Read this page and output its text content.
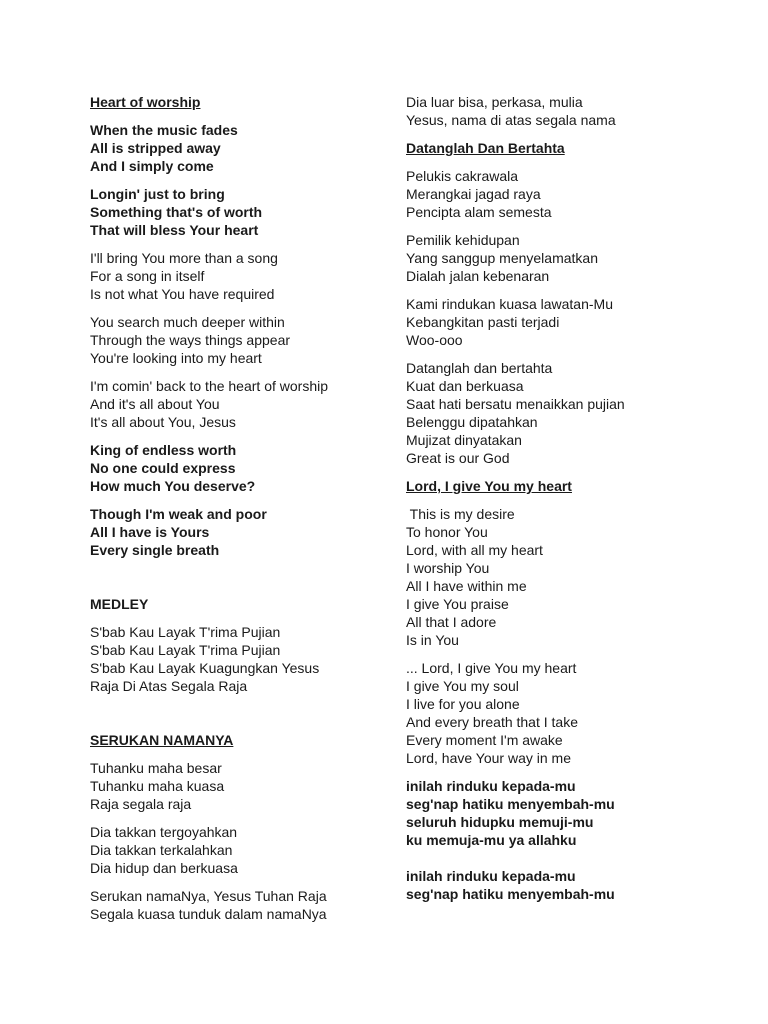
Heart of worship
When the music fades
All is stripped away
And I simply come
Longin' just to bring
Something that's of worth
That will bless Your heart
I'll bring You more than a song
For a song in itself
Is not what You have required
You search much deeper within
Through the ways things appear
You're looking into my heart
I'm comin' back to the heart of worship
And it's all about You
It's all about You, Jesus
King of endless worth
No one could express
How much You deserve?
Though I'm weak and poor
All I have is Yours
Every single breath
MEDLEY
S'bab Kau Layak T'rima Pujian
S'bab Kau Layak T'rima Pujian
S'bab Kau Layak Kuagungkan Yesus
Raja Di Atas Segala Raja
SERUKAN NAMANYA
Tuhanku maha besar
Tuhanku maha kuasa
Raja segala raja
Dia takkan tergoyahkan
Dia takkan terkalahkan
Dia hidup dan berkuasa
Serukan namaNya, Yesus Tuhan Raja
Segala kuasa tunduk dalam namaNya
Dia luar bisa, perkasa, mulia
Yesus, nama di atas segala nama
Datanglah Dan Bertahta
Pelukis cakrawala
Merangkai jagad raya
Pencipta alam semesta
Pemilik kehidupan
Yang sanggup menyelamatkan
Dialah jalan kebenaran
Kami rindukan kuasa lawatan-Mu
Kebangkitan pasti terjadi
Woo-ooo
Datanglah dan bertahta
Kuat dan berkuasa
Saat hati bersatu menaikkan pujian
Belenggu dipatahkan
Mujizat dinyatakan
Great is our God
Lord, I give You my heart
This is my desire
To honor You
Lord, with all my heart
I worship You
All I have within me
I give You praise
All that I adore
Is in You
... Lord, I give You my heart
I give You my soul
I live for you alone
And every breath that I take
Every moment I'm awake
Lord, have Your way in me
inilah rinduku kepada-mu
seg'nap hatiku menyembah-mu
seluruh hidupku memuji-mu
ku memuja-mu ya allahku
inilah rinduku kepada-mu
seg'nap hatiku menyembah-mu
